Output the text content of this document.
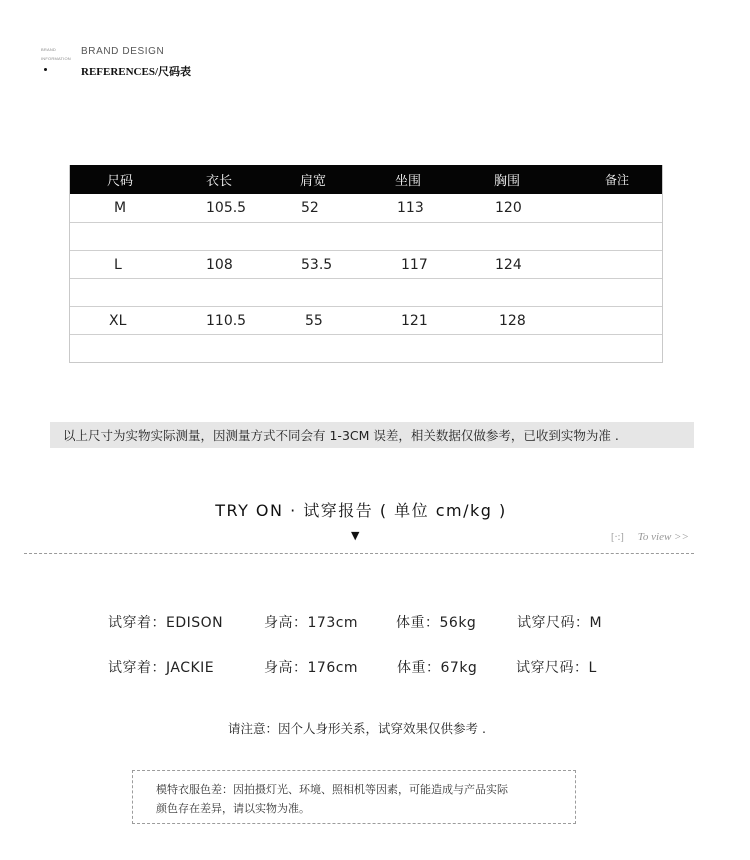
BRAND
INFORMATION
BRAND DESIGN
REFERENCES/尺码表
尺码	衣长	肩宽	坐围	胸围	备注
M	105.5	52	113	120
L	108	53.5	117	124
XL	110.5	55	121	128
以上尺寸为实物实际测量，因测量方式不同会有 1-3CM 误差，相关数据仅做参考，已收到实物为准 .
TRY ON · 试穿报告 ( 单位 cm/kg )
▼	[·:] To view >>
试穿着：EDISON	身高：173cm	体重：56kg	试穿尺码：M
试穿着：JACKIE	身高：176cm	体重：67kg	试穿尺码：L
请注意：因个人身形关系，试穿效果仅供参考 .
模特衣服色差：因拍摄灯光、环境、照相机等因素，可能造成与产品实际
颜色存在差异，请以实物为准。
